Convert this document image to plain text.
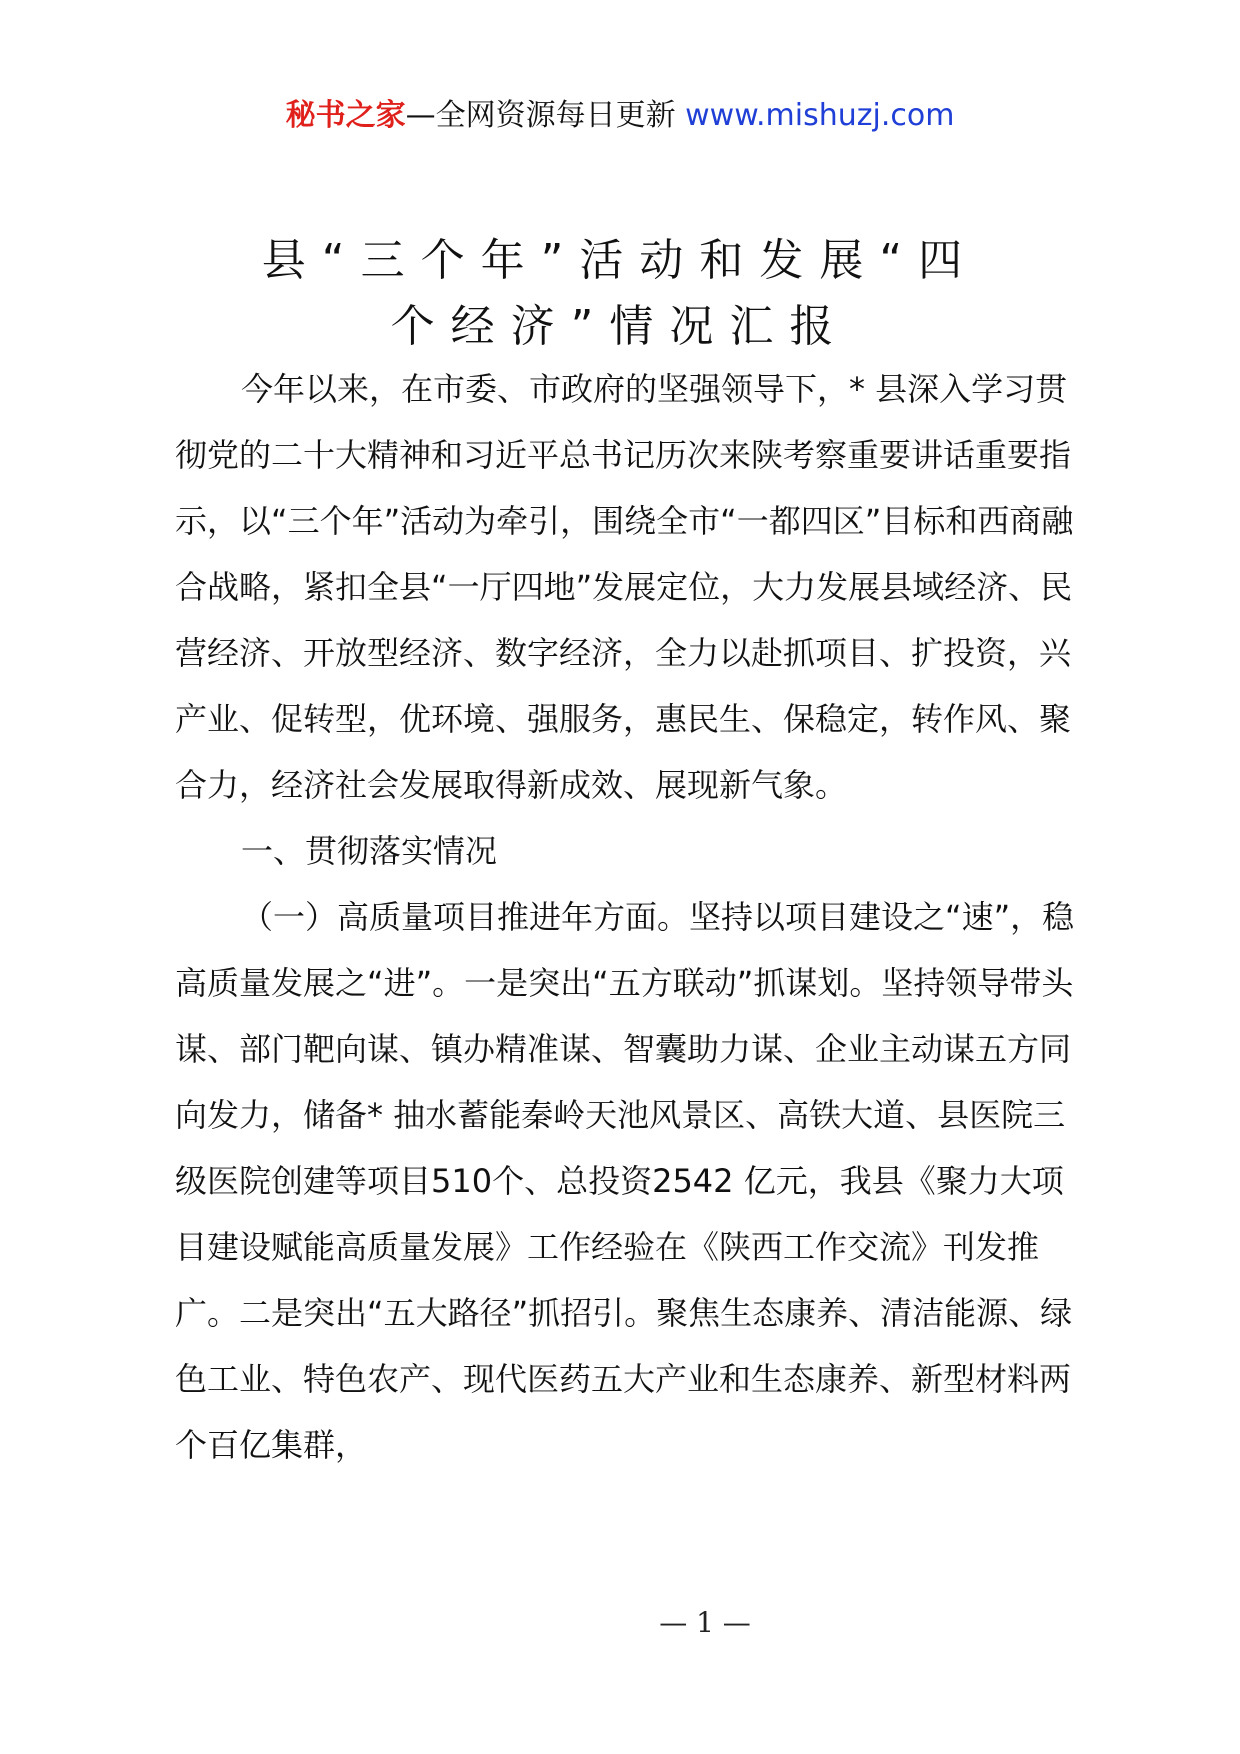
秘书之家—全网资源每日更新 www.mishuzj.com
县“三个年”活动和发展“四
个经济”情况汇报

今年以来，在市委、市政府的坚强领导下，* 县深入学习贯彻党的二十大精神和习近平总书记历次来陕考察重要讲话重要指示，以“三个年”活动为牵引，围绕全市“一都四区”目标和西商融合战略，紧扣全县“一厅四地”发展定位，大力发展县域经济、民营经济、开放型经济、数字经济，全力以赴抓项目、扩投资，兴产业、促转型，优环境、强服务，惠民生、保稳定，转作风、聚合力，经济社会发展取得新成效、展现新气象。

一、贯彻落实情况

（一）高质量项目推进年方面。坚持以项目建设之“速”，稳高质量发展之“进”。一是突出“五方联动”抓谋划。坚持领导带头谋、部门靶向谋、镇办精准谋、智囊助力谋、企业主动谋五方同向发力，储备* 抽水蓄能秦岭天池风景区、高铁大道、县医院三级医院创建等项目510个、总投资2542 亿元，我县《聚力大项目建设赋能高质量发展》工作经验在《陕西工作交流》刊发推广。二是突出“五大路径”抓招引。聚焦生态康养、清洁能源、绿色工业、特色农产、现代医药五大产业和生态康养、新型材料两个百亿集群，

— 1 —
